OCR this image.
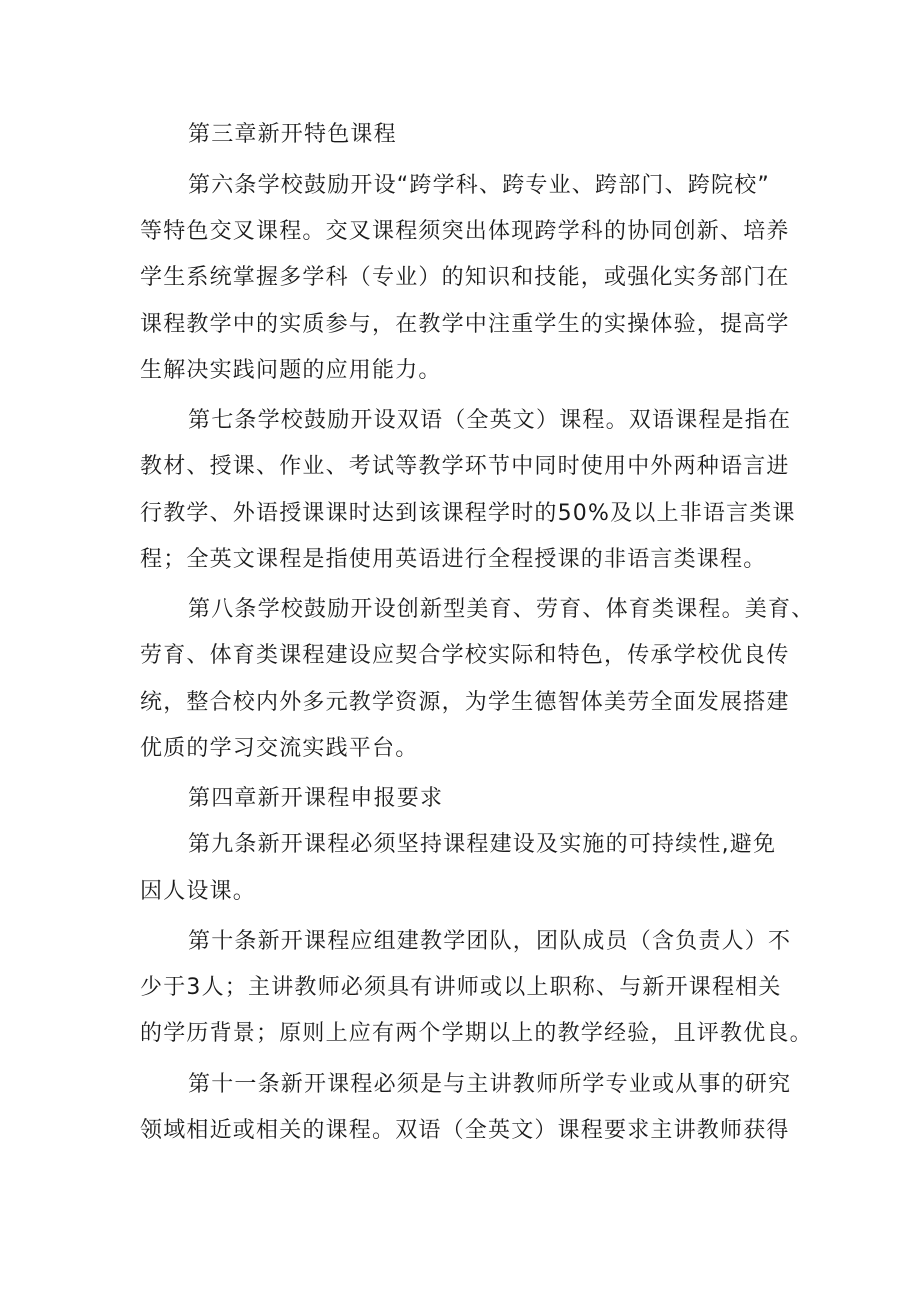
第三章新开特色课程
第六条学校鼓励开设“跨学科、跨专业、跨部门、跨院校”
等特色交叉课程。交叉课程须突出体现跨学科的协同创新、培养
学生系统掌握多学科（专业）的知识和技能，或强化实务部门在
课程教学中的实质参与，在教学中注重学生的实操体验，提高学
生解决实践问题的应用能力。
第七条学校鼓励开设双语（全英文）课程。双语课程是指在
教材、授课、作业、考试等教学环节中同时使用中外两种语言进
行教学、外语授课课时达到该课程学时的50%及以上非语言类课
程；全英文课程是指使用英语进行全程授课的非语言类课程。
第八条学校鼓励开设创新型美育、劳育、体育类课程。美育、
劳育、体育类课程建设应契合学校实际和特色，传承学校优良传
统，整合校内外多元教学资源，为学生德智体美劳全面发展搭建
优质的学习交流实践平台。
第四章新开课程申报要求
第九条新开课程必须坚持课程建设及实施的可持续性,避免
因人设课。
第十条新开课程应组建教学团队，团队成员（含负责人）不
少于3人；主讲教师必须具有讲师或以上职称、与新开课程相关
的学历背景；原则上应有两个学期以上的教学经验，且评教优良。
第十一条新开课程必须是与主讲教师所学专业或从事的研究
领域相近或相关的课程。双语（全英文）课程要求主讲教师获得
